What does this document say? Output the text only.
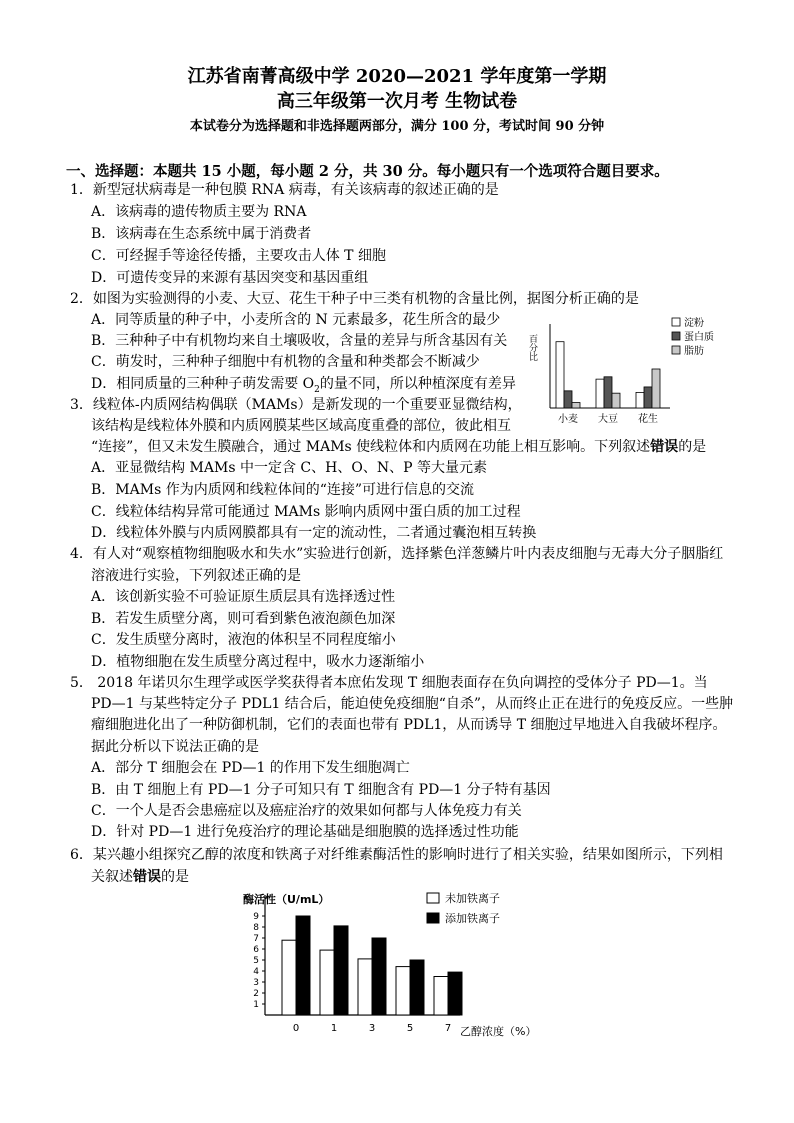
江苏省南菁高级中学 2020—2021 学年度第一学期
高三年级第一次月考 生物试卷
本试卷分为选择题和非选择题两部分，满分 100 分，考试时间 90 分钟
一、选择题：本题共 15 小题，每小题 2 分，共 30 分。每小题只有一个选项符合题目要求。
1．新型冠状病毒是一种包膜 RNA 病毒，有关该病毒的叙述正确的是
A．该病毒的遗传物质主要为 RNA
B．该病毒在生态系统中属于消费者
C．可经握手等途径传播，主要攻击人体 T 细胞
D．可遗传变异的来源有基因突变和基因重组
2．如图为实验测得的小麦、大豆、花生干种子中三类有机物的含量比例，据图分析正确的是
A．同等质量的种子中，小麦所含的 N 元素最多，花生所含的最少
B．三种种子中有机物均来自土壤吸收，含量的差异与所含基因有关
C．萌发时，三种种子细胞中有机物的含量和种类都会不断减少
D．相同质量的三种种子萌发需要 $O_2$的量不同，所以种植深度有差异
百分比
小麦 大豆 花生
淀粉
蛋白质
脂肪
3．线粒体-内质网结构偶联（MAMs）是新发现的一个重要亚显微结构，
该结构是线粒体外膜和内质网膜某些区域高度重叠的部位，彼此相互
“连接”，但又未发生膜融合，通过 MAMs 使线粒体和内质网在功能上相互影响。下列叙述错误的是
A．亚显微结构 MAMs 中一定含 C、H、O、N、P 等大量元素
B．MAMs 作为内质网和线粒体间的“连接”可进行信息的交流
C．线粒体结构异常可能通过 MAMs 影响内质网中蛋白质的加工过程
D．线粒体外膜与内质网膜都具有一定的流动性，二者通过囊泡相互转换
4．有人对“观察植物细胞吸水和失水”实验进行创新，选择紫色洋葱鳞片叶内表皮细胞与无毒大分子胭脂红
溶液进行实验，下列叙述正确的是
A．该创新实验不可验证原生质层具有选择透过性
B．若发生质壁分离，则可看到紫色液泡颜色加深
C．发生质壁分离时，液泡的体积呈不同程度缩小
D．植物细胞在发生质壁分离过程中，吸水力逐渐缩小
5． 2018 年诺贝尔生理学或医学奖获得者本庶佑发现 T 细胞表面存在负向调控的受体分子 PD—1。当
PD—1 与某些特定分子 PDL1 结合后，能迫使免疫细胞“自杀”，从而终止正在进行的免疫反应。一些肿
瘤细胞进化出了一种防御机制，它们的表面也带有 PDL1，从而诱导 T 细胞过早地进入自我破坏程序。
据此分析以下说法正确的是
A．部分 T 细胞会在 PD—1 的作用下发生细胞凋亡
B．由 T 细胞上有 PD—1 分子可知只有 T 细胞含有 PD—1 分子特有基因
C．一个人是否会患癌症以及癌症治疗的效果如何都与人体免疫力有关
D．针对 PD—1 进行免疫治疗的理论基础是细胞膜的选择透过性功能
6．某兴趣小组探究乙醇的浓度和铁离子对纤维素酶活性的影响时进行了相关实验，结果如图所示，下列相
关叙述错误的是
酶活性（U/mL）
1
2
3
4
5
6
7
8
9
0	1	3	5	7 乙醇浓度（%）
未加铁离子
添加铁离子
